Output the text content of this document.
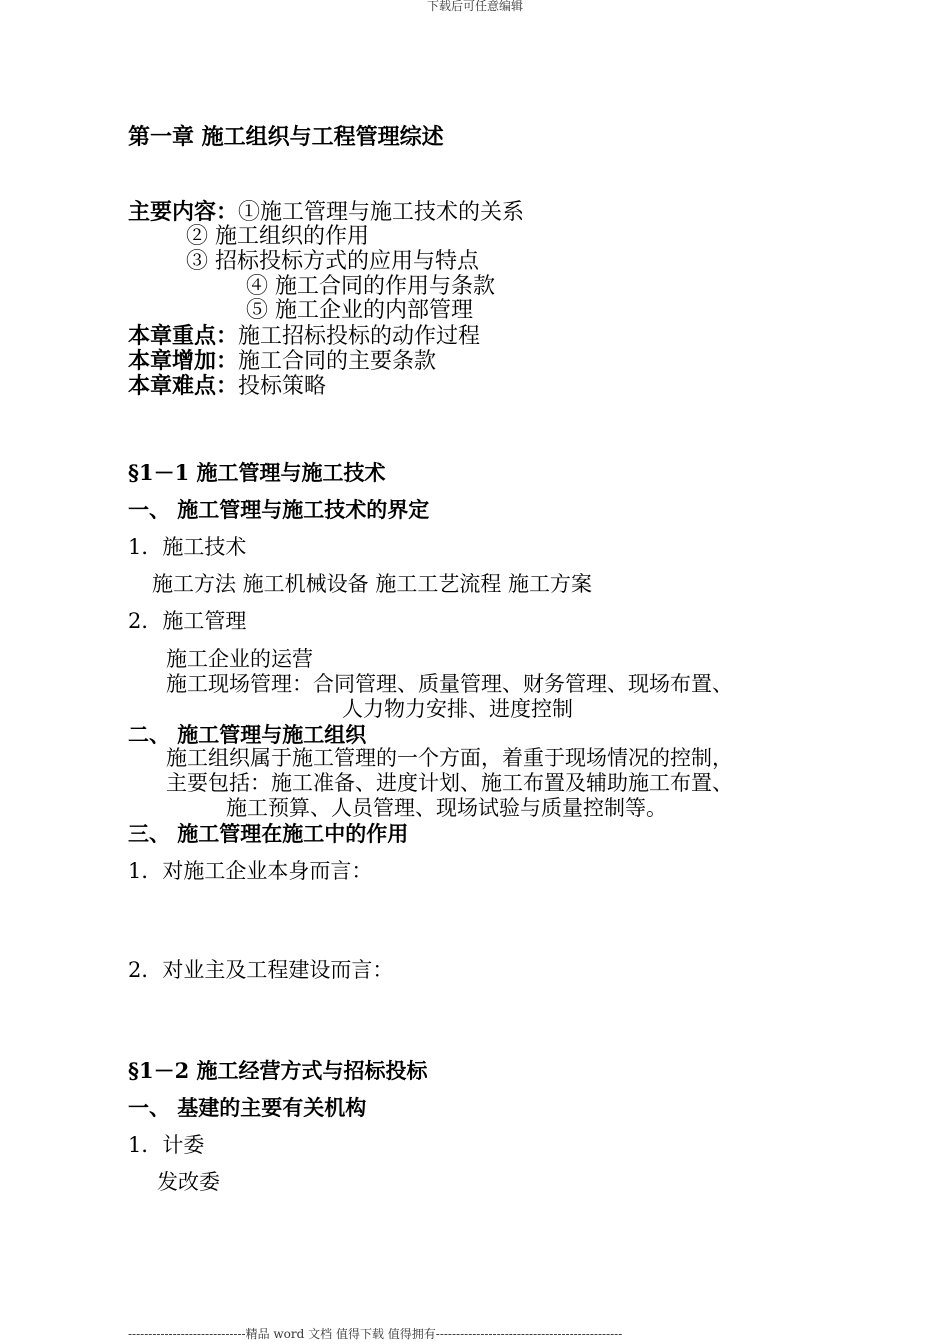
下载后可任意编辑
第一章 施工组织与工程管理综述
主要内容：①施工管理与施工技术的关系
② 施工组织的作用
③ 招标投标方式的应用与特点
④ 施工合同的作用与条款
⑤ 施工企业的内部管理
本章重点：施工招标投标的动作过程
本章增加：施工合同的主要条款
本章难点：投标策略
§1－1 施工管理与施工技术
一、 施工管理与施工技术的界定
1．施工技术
施工方法 施工机械设备 施工工艺流程 施工方案
2．施工管理
施工企业的运营
施工现场管理：合同管理、质量管理、财务管理、现场布置、
人力物力安排、进度控制
二、 施工管理与施工组织
施工组织属于施工管理的一个方面，着重于现场情况的控制，
主要包括：施工准备、进度计划、施工布置及辅助施工布置、
施工预算、人员管理、现场试验与质量控制等。
三、 施工管理在施工中的作用
1．对施工企业本身而言：
2．对业主及工程建设而言：
§1－2 施工经营方式与招标投标
一、 基建的主要有关机构
1．计委
发改委
-----------------------------精品 word 文档 值得下载 值得拥有----------------------------------------------
